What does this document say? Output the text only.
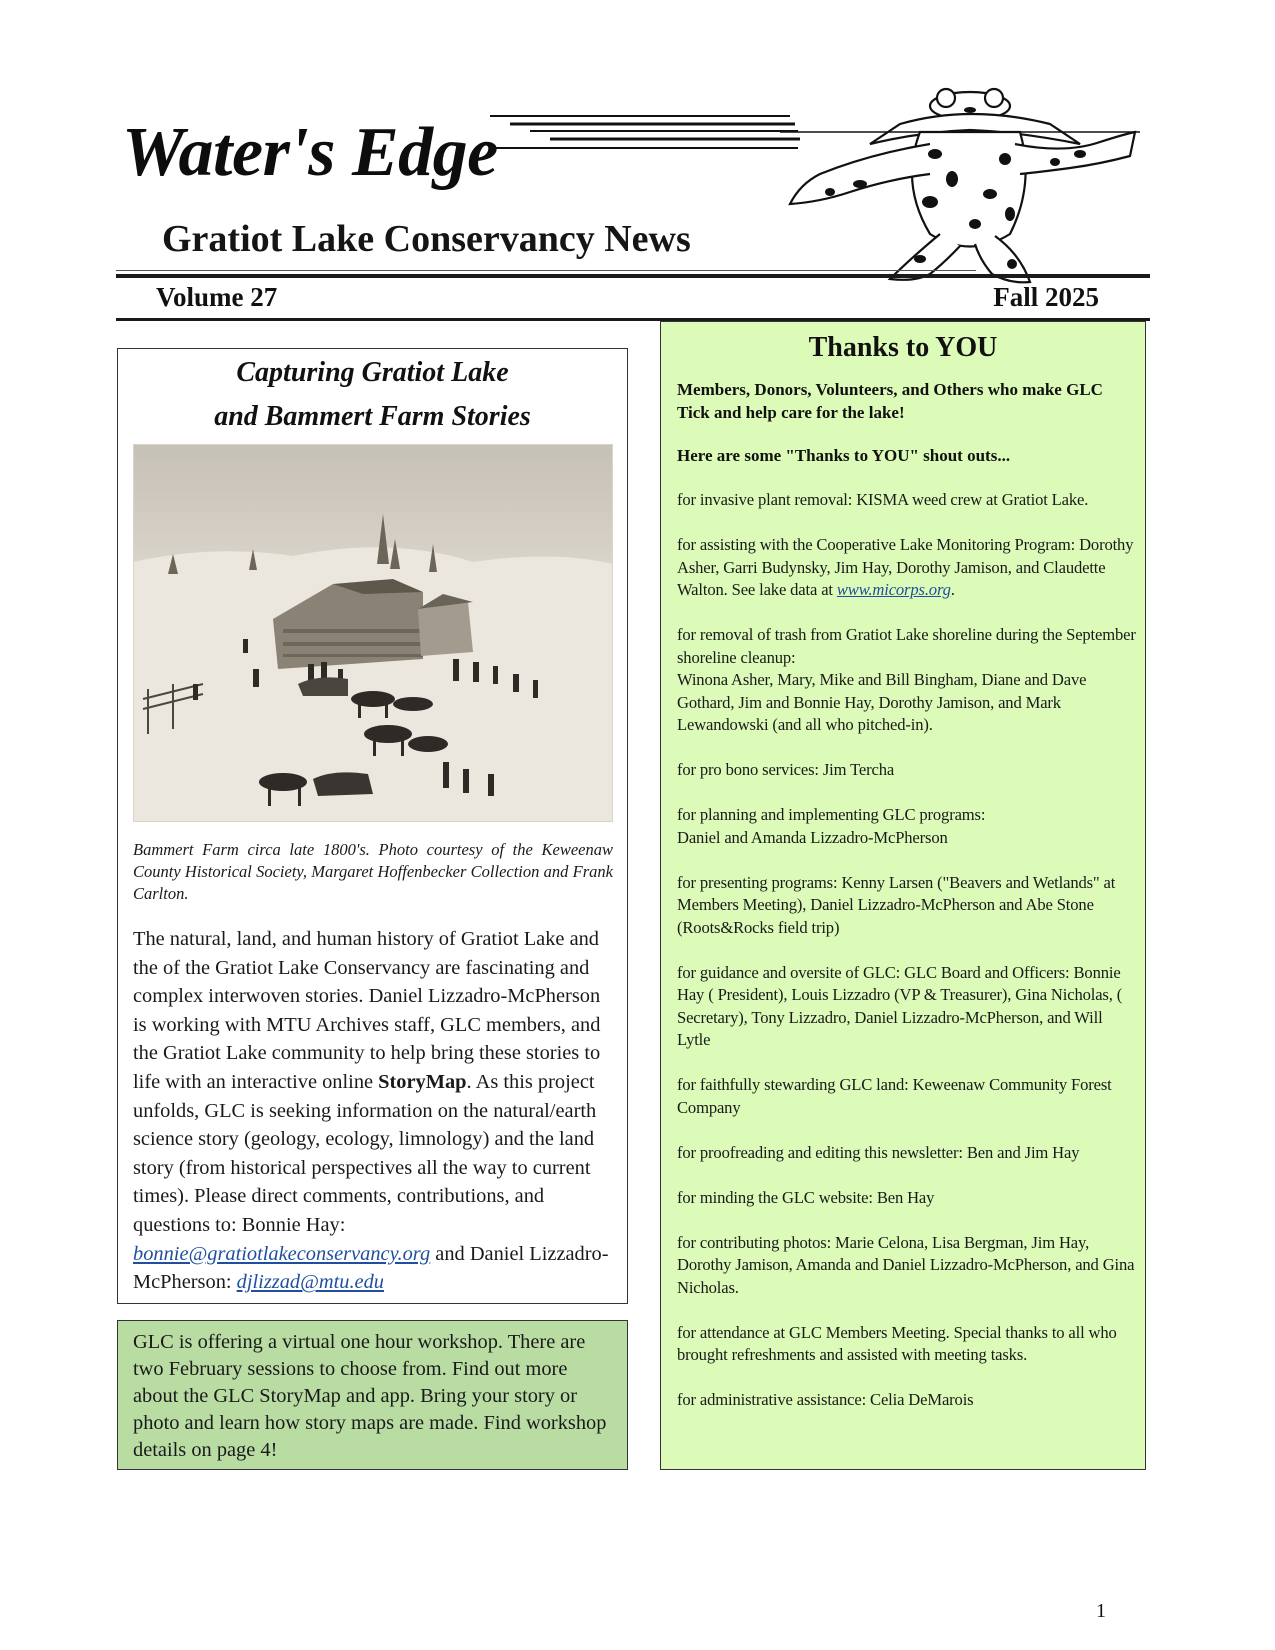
Water's Edge
Gratiot Lake Conservancy News
Volume 27	Fall 2025
Capturing Gratiot Lake
and Bammert Farm Stories

Bammert Farm circa late 1800's. Photo courtesy of the Keweenaw County Historical Society, Margaret Hoffenbecker Collection and Frank Carlton.

The natural, land, and human history of Gratiot Lake and the of the Gratiot Lake Conservancy are fascinating and complex interwoven stories. Daniel Lizzadro-McPherson is working with MTU Archives staff, GLC members, and the Gratiot Lake community to help bring these stories to life with an interactive online StoryMap. As this project unfolds, GLC is seeking information on the natural/earth science story (geology, ecology, limnology) and the land story (from historical perspectives all the way to current times). Please direct comments, contributions, and questions to: Bonnie Hay: bonnie@gratiotlakeconservancy.org and Daniel Lizzadro-McPherson: djlizzad@mtu.edu

GLC is offering a virtual one hour workshop. There are two February sessions to choose from. Find out more about the GLC StoryMap and app. Bring your story or photo and learn how story maps are made. Find workshop details on page 4!

Thanks to YOU

Members, Donors, Volunteers, and Others who make GLC Tick and help care for the lake!

Here are some "Thanks to YOU" shout outs...

for invasive plant removal: KISMA weed crew at Gratiot Lake.
for assisting with the Cooperative Lake Monitoring Program: Dorothy Asher, Garri Budynsky, Jim Hay, Dorothy Jamison, and Claudette Walton. See lake data at www.micorps.org.
for removal of trash from Gratiot Lake shoreline during the September shoreline cleanup:
Winona Asher, Mary, Mike and Bill Bingham, Diane and Dave Gothard, Jim and Bonnie Hay, Dorothy Jamison, and Mark Lewandowski (and all who pitched-in).
for pro bono services: Jim Tercha
for planning and implementing GLC programs:
Daniel and Amanda Lizzadro-McPherson
for presenting programs: Kenny Larsen ("Beavers and Wetlands" at Members Meeting), Daniel Lizzadro-McPherson and Abe Stone (Roots&Rocks field trip)
for guidance and oversite of GLC: GLC Board and Officers: Bonnie Hay ( President), Louis Lizzadro (VP & Treasurer), Gina Nicholas, ( Secretary), Tony Lizzadro, Daniel Lizzadro-McPherson, and Will Lytle
for faithfully stewarding GLC land: Keweenaw Community Forest Company
for proofreading and editing this newsletter: Ben and Jim Hay
for minding the GLC website: Ben Hay
for contributing photos: Marie Celona, Lisa Bergman, Jim Hay, Dorothy Jamison, Amanda and Daniel Lizzadro-McPherson, and Gina Nicholas.
for attendance at GLC Members Meeting. Special thanks to all who brought refreshments and assisted with meeting tasks.
for administrative assistance: Celia DeMarois
1
